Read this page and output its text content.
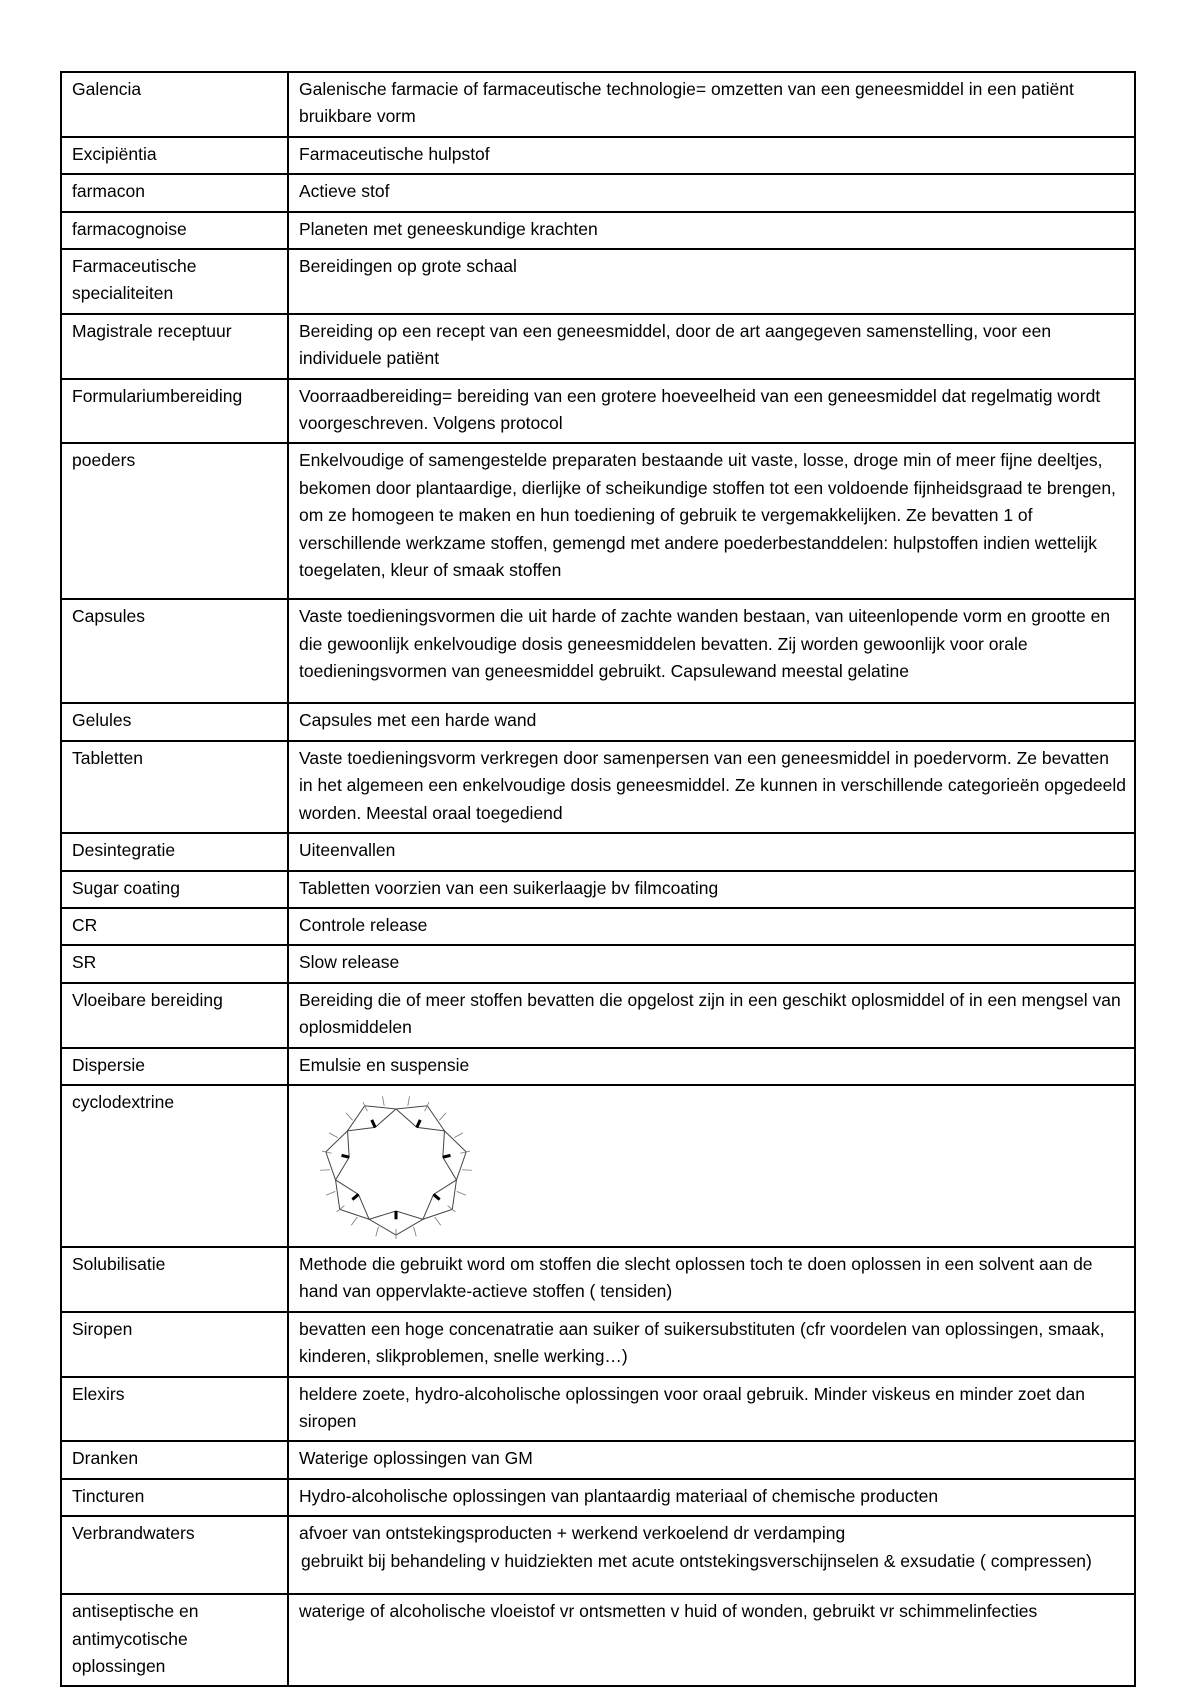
Galencia	Galenische farmacie of farmaceutische technologie= omzetten van een geneesmiddel in een patiënt bruikbare vorm

Excipiëntia	Farmaceutische hulpstof

farmacon	Actieve stof

farmacognoise	Planeten met geneeskundige krachten

Farmaceutische specialiteiten	Bereidingen op grote schaal

Magistrale receptuur	Bereiding op een recept van een geneesmiddel, door de art aangegeven samenstelling, voor een individuele patiënt

Formulariumbereiding	Voorraadbereiding= bereiding van een grotere hoeveelheid van een geneesmiddel dat regelmatig wordt voorgeschreven. Volgens protocol

poeders	Enkelvoudige of samengestelde preparaten bestaande uit vaste, losse, droge min of meer fijne deeltjes, bekomen door plantaardige, dierlijke of scheikundige stoffen tot een voldoende fijnheidsgraad te brengen, om ze homogeen te maken en hun toediening of gebruik te vergemakkelijken. Ze bevatten 1 of verschillende werkzame stoffen, gemengd met andere poederbestanddelen: hulpstoffen indien wettelijk toegelaten, kleur of smaak stoffen

Capsules	Vaste toedieningsvormen die uit harde of zachte wanden bestaan, van uiteenlopende vorm en grootte en die gewoonlijk enkelvoudige dosis geneesmiddelen bevatten. Zij worden gewoonlijk voor orale toedieningsvormen van geneesmiddel gebruikt. Capsulewand meestal gelatine

Gelules	Capsules met een harde wand

Tabletten	Vaste toedieningsvorm verkregen door samenpersen van een geneesmiddel in poedervorm. Ze bevatten in het algemeen een enkelvoudige dosis geneesmiddel. Ze kunnen in verschillende categorieën opgedeeld worden. Meestal oraal toegediend

Desintegratie	Uiteenvallen

Sugar coating	Tabletten voorzien van een suikerlaagje bv filmcoating

CR	Controle release

SR	Slow release

Vloeibare bereiding	Bereiding die of meer stoffen bevatten die opgelost zijn in een geschikt oplosmiddel of in een mengsel van oplosmiddelen

Dispersie	Emulsie en suspensie

cyclodextrine	

Solubilisatie	Methode die gebruikt word om stoffen die slecht oplossen toch te doen oplossen in een solvent aan de hand van oppervlakte-actieve stoffen ( tensiden)

Siropen	bevatten een hoge concenatratie aan suiker of suikersubstituten (cfr voordelen van oplossingen, smaak, kinderen, slikproblemen, snelle werking…)

Elexirs	heldere zoete, hydro-alcoholische oplossingen voor oraal gebruik. Minder viskeus en minder zoet dan siropen

Dranken	Waterige oplossingen van GM

Tincturen	Hydro-alcoholische oplossingen van plantaardig materiaal of chemische producten

Verbrandwaters	afvoer van ontstekingsproducten + werkend verkoelend dr verdamping
gebruikt bij behandeling v huidziekten met acute ontstekingsverschijnselen & exsudatie ( compressen)

antiseptische en antimycotische oplossingen	waterige of alcoholische vloeistof vr ontsmetten v huid of wonden, gebruikt vr schimmelinfecties
